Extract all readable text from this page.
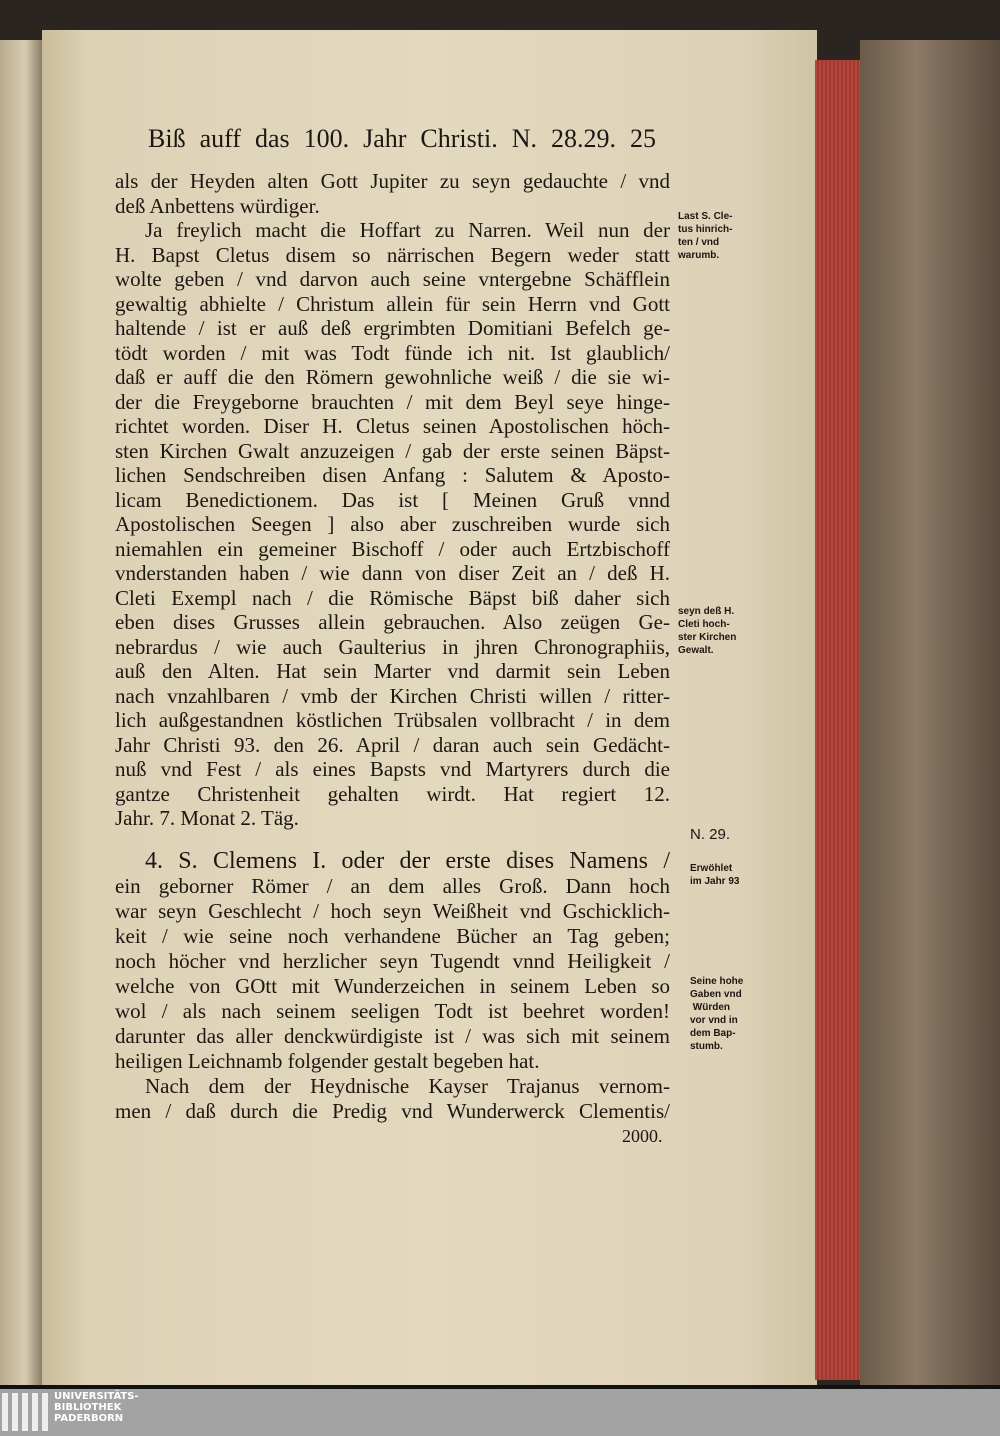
Biß auff das 100. Jahr Christi. N. 28.29. 25
als der Heyden alten Gott Jupiter zu seyn gedauchte / vnd
deß Anbettens würdiger.
Ja freylich macht die Hoffart zu Narren. Weil nun der
H. Bapst Cletus disem so närrischen Begern weder statt
wolte geben / vnd darvon auch seine vntergebne Schäfflein
gewaltig abhielte / Christum allein für sein Herrn vnd Gott
haltende / ist er auß deß ergrimbten Domitiani Befelch ge-
tödt worden / mit was Todt fünde ich nit. Ist glaublich/
daß er auff die den Römern gewohnliche weiß / die sie wi-
der die Freygeborne brauchten / mit dem Beyl seye hinge-
richtet worden. Diser H. Cletus seinen Apostolischen höch-
sten Kirchen Gwalt anzuzeigen / gab der erste seinen Bäpst-
lichen Sendschreiben disen Anfang : Salutem & Aposto-
licam Benedictionem. Das ist [ Meinen Gruß vnnd
Apostolischen Seegen ] also aber zuschreiben wurde sich
niemahlen ein gemeiner Bischoff / oder auch Ertzbischoff
vnderstanden haben / wie dann von diser Zeit an / deß H.
Cleti Exempl nach / die Römische Bäpst biß daher sich
eben dises Grusses allein gebrauchen. Also zeügen Ge-
nebrardus / wie auch Gaulterius in jhren Chronographiis,
auß den Alten. Hat sein Marter vnd darmit sein Leben
nach vnzahlbaren / vmb der Kirchen Christi willen / ritter-
lich außgestandnen köstlichen Trübsalen vollbracht / in dem
Jahr Christi 93. den 26. April / daran auch sein Gedächt-
nuß vnd Fest / als eines Bapsts vnd Martyrers durch die
gantze Christenheit gehalten wirdt. Hat regiert 12.
Jahr. 7. Monat 2. Täg.
4. S. Clemens I. oder der erste dises Namens /
ein geborner Römer / an dem alles Groß. Dann hoch
war seyn Geschlecht / hoch seyn Weißheit vnd Gschicklich-
keit / wie seine noch verhandene Bücher an Tag geben;
noch höcher vnd herzlicher seyn Tugendt vnnd Heiligkeit /
welche von GOtt mit Wunderzeichen in seinem Leben so
wol / als nach seinem seeligen Todt ist beehret worden!
darunter das aller denckwürdigiste ist / was sich mit seinem
heiligen Leichnamb folgender gestalt begeben hat.
Nach dem der Heydnische Kayser Trajanus vernom-
men / daß durch die Predig vnd Wunderwerck Clementis/
Last S. Cle-
tus hinrich-
ten / vnd
warumb.
seyn deß H.
Cleti hoch-
ster Kirchen
Gewalt.
N. 29.
Erwöhlet
im Jahr 93
Seine hohe
Gaben vnd
Würden
vor vnd in
dem Bap-
stumb.
2000.
UNIVERSITÄTS-
BIBLIOTHEK
PADERBORN
